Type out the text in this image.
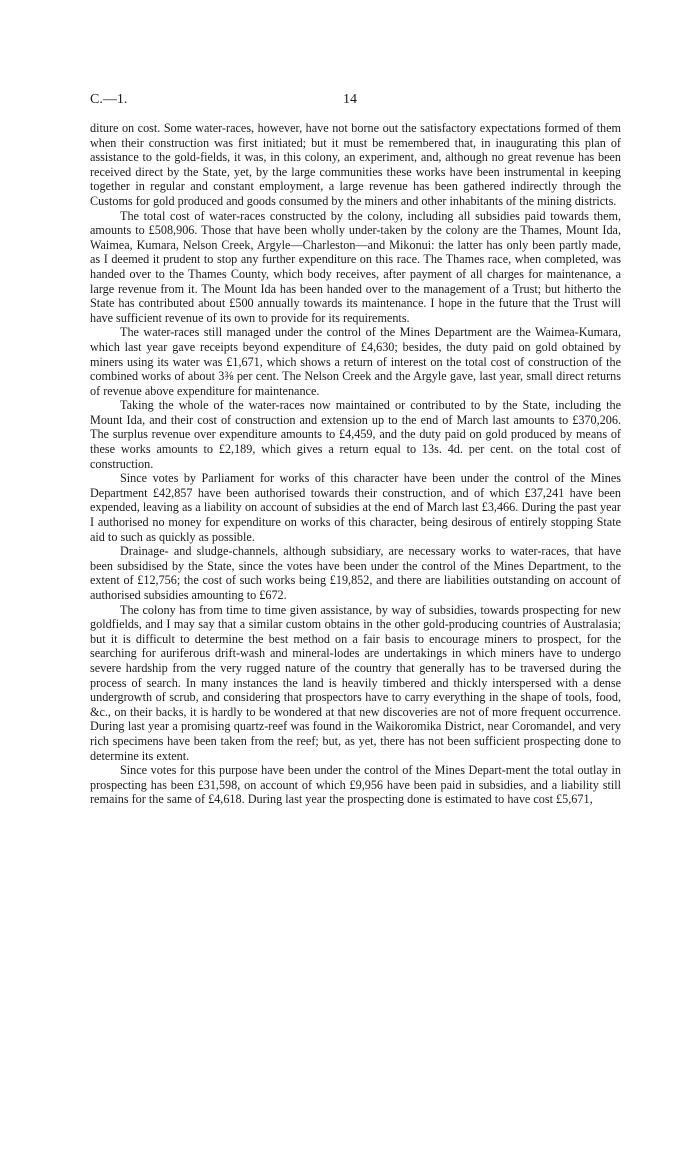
C.—1.	14

diture on cost. Some water-races, however, have not borne out the satisfactory expectations formed of them when their construction was first initiated; but it must be remembered that, in inaugurating this plan of assistance to the gold-fields, it was, in this colony, an experiment, and, although no great revenue has been received direct by the State, yet, by the large communities these works have been instrumental in keeping together in regular and constant employment, a large revenue has been gathered indirectly through the Customs for gold produced and goods consumed by the miners and other inhabitants of the mining districts.

The total cost of water-races constructed by the colony, including all subsidies paid towards them, amounts to £508,906. Those that have been wholly under-taken by the colony are the Thames, Mount Ida, Waimea, Kumara, Nelson Creek, Argyle—Charleston—and Mikonui: the latter has only been partly made, as I deemed it prudent to stop any further expenditure on this race. The Thames race, when completed, was handed over to the Thames County, which body receives, after payment of all charges for maintenance, a large revenue from it. The Mount Ida has been handed over to the management of a Trust; but hitherto the State has contributed about £500 annually towards its maintenance. I hope in the future that the Trust will have sufficient revenue of its own to provide for its requirements.

The water-races still managed under the control of the Mines Department are the Waimea-Kumara, which last year gave receipts beyond expenditure of £4,630; besides, the duty paid on gold obtained by miners using its water was £1,671, which shows a return of interest on the total cost of construction of the combined works of about 3⅜ per cent. The Nelson Creek and the Argyle gave, last year, small direct returns of revenue above expenditure for maintenance.

Taking the whole of the water-races now maintained or contributed to by the State, including the Mount Ida, and their cost of construction and extension up to the end of March last amounts to £370,206. The surplus revenue over expenditure amounts to £4,459, and the duty paid on gold produced by means of these works amounts to £2,189, which gives a return equal to 13s. 4d. per cent. on the total cost of construction.

Since votes by Parliament for works of this character have been under the control of the Mines Department £42,857 have been authorised towards their construction, and of which £37,241 have been expended, leaving as a liability on account of subsidies at the end of March last £3,466. During the past year I authorised no money for expenditure on works of this character, being desirous of entirely stopping State aid to such as quickly as possible.

Drainage- and sludge-channels, although subsidiary, are necessary works to water-races, that have been subsidised by the State, since the votes have been under the control of the Mines Department, to the extent of £12,756; the cost of such works being £19,852, and there are liabilities outstanding on account of authorised subsidies amounting to £672.

The colony has from time to time given assistance, by way of subsidies, towards prospecting for new goldfields, and I may say that a similar custom obtains in the other gold-producing countries of Australasia; but it is difficult to determine the best method on a fair basis to encourage miners to prospect, for the searching for auriferous drift-wash and mineral-lodes are undertakings in which miners have to undergo severe hardship from the very rugged nature of the country that generally has to be traversed during the process of search. In many instances the land is heavily timbered and thickly interspersed with a dense undergrowth of scrub, and considering that prospectors have to carry everything in the shape of tools, food, &c., on their backs, it is hardly to be wondered at that new discoveries are not of more frequent occurrence. During last year a promising quartz-reef was found in the Waikoromika District, near Coromandel, and very rich specimens have been taken from the reef; but, as yet, there has not been sufficient prospecting done to determine its extent.

Since votes for this purpose have been under the control of the Mines Depart-ment the total outlay in prospecting has been £31,598, on account of which £9,956 have been paid in subsidies, and a liability still remains for the same of £4,618. During last year the prospecting done is estimated to have cost £5,671,
